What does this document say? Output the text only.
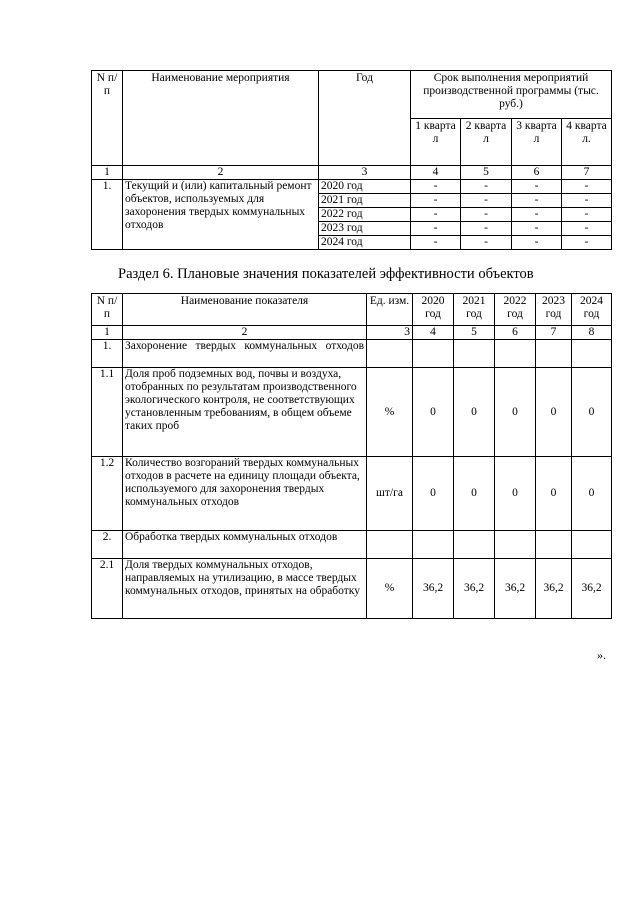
N п/п	Наименование мероприятия	Год	Срок выполнения мероприятий производственной программы (тыс. руб.)			
			1 кварта л	2 кварта л	3 кварта л	4 кварта л.
1	2	3	4	5	6	7
1.	Текущий и (или) капитальный ремонт объектов, используемых для захоронения твердых коммунальных отходов	2020 год	-	-	-	-
		2021 год	-	-	-	-
		2022 год	-	-	-	-
		2023 год	-	-	-	-
		2024 год	-	-	-	-
Раздел 6. Плановые значения показателей эффективности объектов
N п/п	Наименование показателя	Ед. изм.	2020 год	2021 год	2022 год	2023 год	2024 год
1	2	3	4	5	6	7	8
1.	Захоронение твердых коммунальных отходов						
1.1	Доля проб подземных вод, почвы и воздуха, отобранных по результатам производственного экологического контроля, не соответствующих установленным требованиям, в общем объеме таких проб	%	0	0	0	0	0
1.2	Количество возгораний твердых коммунальных отходов в расчете на единицу площади объекта, используемого для захоронения твердых коммунальных отходов	шт/га	0	0	0	0	0
2.	Обработка твердых коммунальных отходов						
2.1	Доля твердых коммунальных отходов, направляемых на утилизацию, в массе твердых коммунальных отходов, принятых на обработку	%	36,2	36,2	36,2	36,2	36,2
».
